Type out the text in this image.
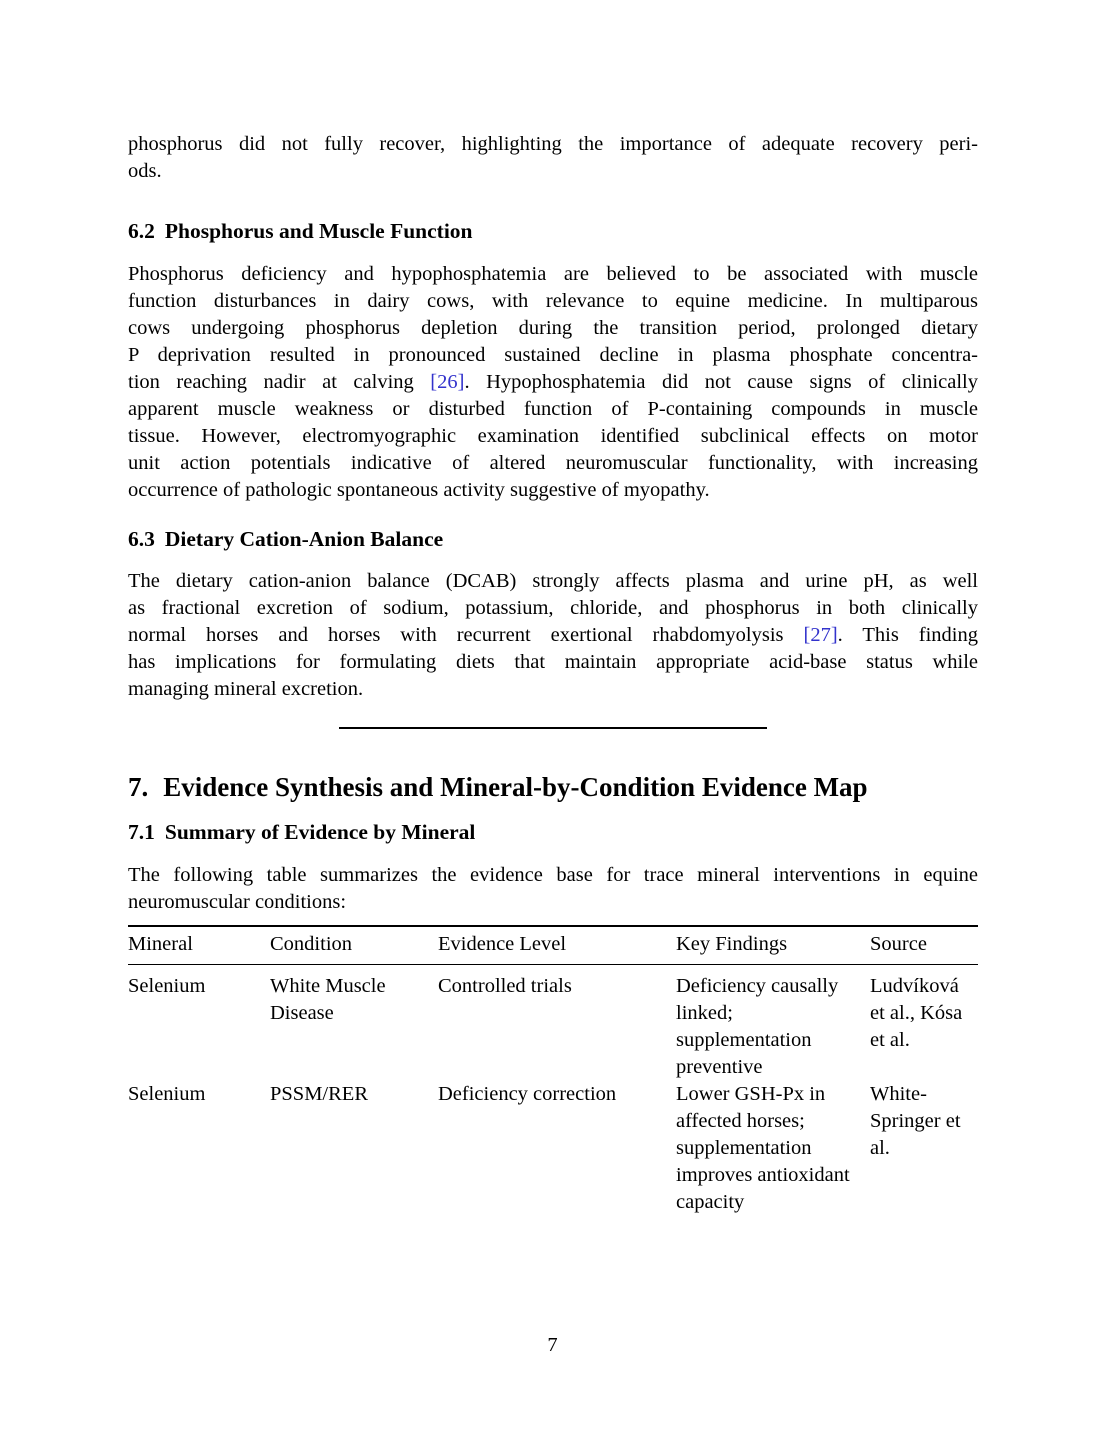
phosphorus did not fully recover, highlighting the importance of adequate recovery peri-
ods.
6.2 Phosphorus and Muscle Function
Phosphorus deficiency and hypophosphatemia are believed to be associated with muscle
function disturbances in dairy cows, with relevance to equine medicine. In multiparous
cows undergoing phosphorus depletion during the transition period, prolonged dietary
P deprivation resulted in pronounced sustained decline in plasma phosphate concentra-
tion reaching nadir at calving [26]. Hypophosphatemia did not cause signs of clinically
apparent muscle weakness or disturbed function of P-containing compounds in muscle
tissue. However, electromyographic examination identified subclinical effects on motor
unit action potentials indicative of altered neuromuscular functionality, with increasing
occurrence of pathologic spontaneous activity suggestive of myopathy.
6.3 Dietary Cation-Anion Balance
The dietary cation-anion balance (DCAB) strongly affects plasma and urine pH, as well
as fractional excretion of sodium, potassium, chloride, and phosphorus in both clinically
normal horses and horses with recurrent exertional rhabdomyolysis [27]. This finding
has implications for formulating diets that maintain appropriate acid-base status while
managing mineral excretion.
7. Evidence Synthesis and Mineral-by-Condition Evidence Map
7.1 Summary of Evidence by Mineral
The following table summarizes the evidence base for trace mineral interventions in equine
neuromuscular conditions:
Mineral	Condition	Evidence Level	Key Findings	Source
Selenium	White Muscle Disease	Controlled trials	Deficiency causally linked; supplementation preventive	Ludvíková et al., Kósa et al.
Selenium	PSSM/RER	Deficiency correction	Lower GSH-Px in affected horses; supplementation improves antioxidant capacity	White-Springer et al.
7
